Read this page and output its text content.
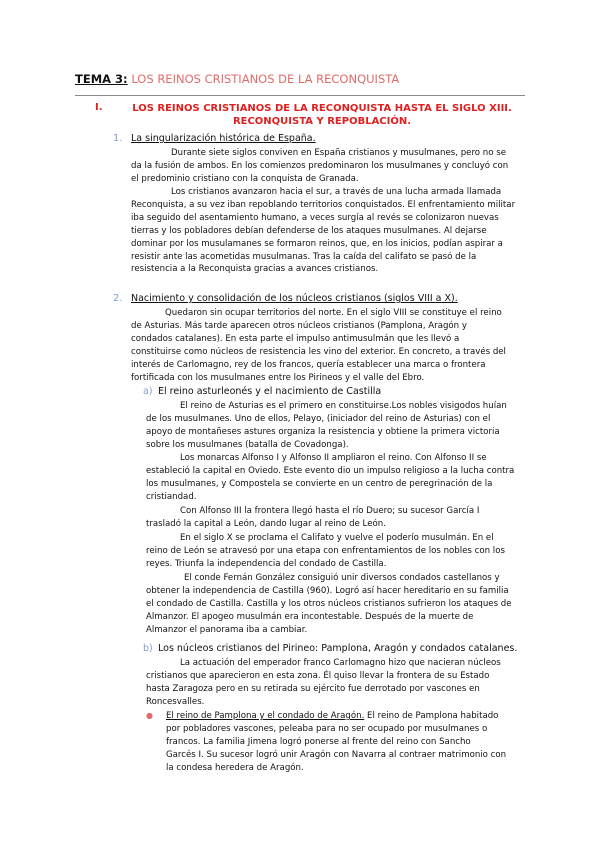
TEMA 3: LOS REINOS CRISTIANOS DE LA RECONQUISTA
I.	LOS REINOS CRISTIANOS DE LA RECONQUISTA HASTA EL SIGLO XIII.
RECONQUISTA Y REPOBLACIÓN.
1. La singularización histórica de España.
Durante siete siglos conviven en España cristianos y musulmanes, pero no se
da la fusión de ambos. En los comienzos predominaron los musulmanes y concluyó con
el predominio cristiano con la conquista de Granada.
Los cristianos avanzaron hacia el sur, a través de una lucha armada llamada
Reconquista, a su vez iban repoblando territorios conquistados. El enfrentamiento militar
iba seguido del asentamiento humano, a veces surgía al revés se colonizaron nuevas
tierras y los pobladores debían defenderse de los ataques musulmanes. Al dejarse
dominar por los musulamanes se formaron reinos, que, en los inicios, podían aspirar a
resistir ante las acometidas musulmanas. Tras la caída del califato se pasó de la
resistencia a la Reconquista gracias a avances cristianos.
2. Nacimiento y consolidación de los núcleos cristianos (siglos VIII a X).
Quedaron sin ocupar territorios del norte. En el siglo VIII se constituye el reino
de Asturias. Más tarde aparecen otros núcleos cristianos (Pamplona, Aragón y
condados catalanes). En esta parte el impulso antimusulmán que les llevó a
constituirse como núcleos de resistencia les vino del exterior. En concreto, a través del
interés de Carlomagno, rey de los francos, quería establecer una marca o frontera
fortificada con los musulmanes entre los Pirineos y el valle del Ebro.
a) El reino asturleonés y el nacimiento de Castilla
El reino de Asturias es el primero en constituirse.Los nobles visigodos huían
de los musulmanes. Uno de ellos, Pelayo, (iniciador del reino de Asturias) con el
apoyo de montañeses astures organiza la resistencia y obtiene la primera victoria
sobre los musulmanes (batalla de Covadonga).
Los monarcas Alfonso I y Alfonso II ampliaron el reino. Con Alfonso II se
estableció la capital en Oviedo. Este evento dio un impulso religioso a la lucha contra
los musulmanes, y Compostela se convierte en un centro de peregrinación de la
cristiandad.
Con Alfonso III la frontera llegó hasta el río Duero; su sucesor García I
trasladó la capital a León, dando lugar al reino de León.
En el siglo X se proclama el Califato y vuelve el poderío musulmán. En el
reino de León se atravesó por una etapa con enfrentamientos de los nobles con los
reyes. Triunfa la independencia del condado de Castilla.
El conde Fernán González consiguió unir diversos condados castellanos y
obtener la independencia de Castilla (960). Logró así hacer hereditario en su familia
el condado de Castilla. Castilla y los otros núcleos cristianos sufrieron los ataques de
Almanzor. El apogeo musulmán era incontestable. Después de la muerte de
Almanzor el panorama iba a cambiar.
b) Los núcleos cristianos del Pirineo: Pamplona, Aragón y condados catalanes.
La actuación del emperador franco Carlomagno hizo que nacieran núcleos
cristianos que aparecieron en esta zona. Él quiso llevar la frontera de su Estado
hasta Zaragoza pero en su retirada su ejército fue derrotado por vascones en
Roncesvalles.
● El reino de Pamplona y el condado de Aragón. El reino de Pamplona habitado
por pobladores vascones, peleaba para no ser ocupado por musulmanes o
francos. La familia Jimena logró ponerse al frente del reino con Sancho
Garcés I. Su sucesor logró unir Aragón con Navarra al contraer matrimonio con
la condesa heredera de Aragón.
